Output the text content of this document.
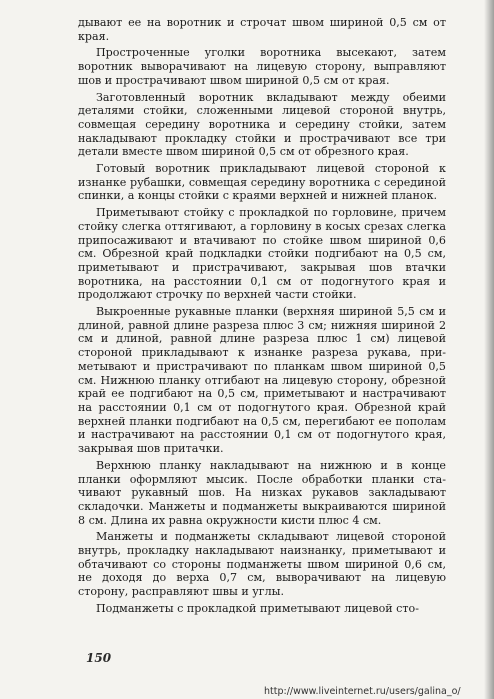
дывают ее на воротник и строчат швом шириной 0,5 см от края.

Простроченные уголки воротника высекают, затем воротник выворачивают на лицевую сторону, выправляют шов и прострачивают швом шириной 0,5 см от края.

Заготовленный воротник вкладывают между обеими деталями стойки, сложенными лицевой стороной внутрь, совмещая середину воротника и середину стойки, затем накладывают прокладку стойки и прострачивают все три детали вместе швом шириной 0,5 см от обрезного края.

Готовый воротник прикладывают лицевой стороной к изнанке рубашки, совмещая середину воротника с серединой спинки, а концы стойки с краями верхней и нижней планок.

Приметывают стойку с прокладкой по горловине, причем стойку слегка оттягивают, а горловину в косых срезах слегка припосаживают и втачивают по стойке швом шириной 0,6 см. Обрезной край подкладки стойки подгибают на 0,5 см, приметывают и пристрачивают, закрывая шов втачки воротника, на расстоянии 0,1 см от подогнутого края и продолжают строчку по верхней части стойки.

Выкроенные рукавные планки (верхняя шириной 5,5 см и длиной, равной длине разреза плюс 3 см; нижняя шириной 2 см и длиной, равной длине разреза плюс 1 см) лицевой стороной прикладывают к изнанке разреза рукава, приметывают и пристрачивают по планкам швом шириной 0,5 см. Нижнюю планку отгибают на лицевую сторону, обрезной край ее подгибают на 0,5 см, приметывают и настрачивают на расстоянии 0,1 см от подогнутого края. Обрезной край верхней планки подгибают на 0,5 см, перегибают ее пополам и настрачивают на расстоянии 0,1 см от подогнутого края, закрывая шов притачки.

Верхнюю планку накладывают на нижнюю и в конце планки оформляют мысик. После обработки планки стачивают рукавный шов. На низках рукавов закладывают складочки. Манжеты и подманжеты выкраиваются шириной 8 см. Длина их равна окружности кисти плюс 4 см.

Манжеты и подманжеты складывают лицевой стороной внутрь, прокладку накладывают наизнанку, приметывают и обтачивают со стороны подманжеты швом шириной 0,6 см, не доходя до верха 0,7 см, выворачивают на лицевую сторону, расправляют швы и углы.

Подманжеты с прокладкой приметывают лицевой сто-

150
http://www.liveinternet.ru/users/galina_o/
